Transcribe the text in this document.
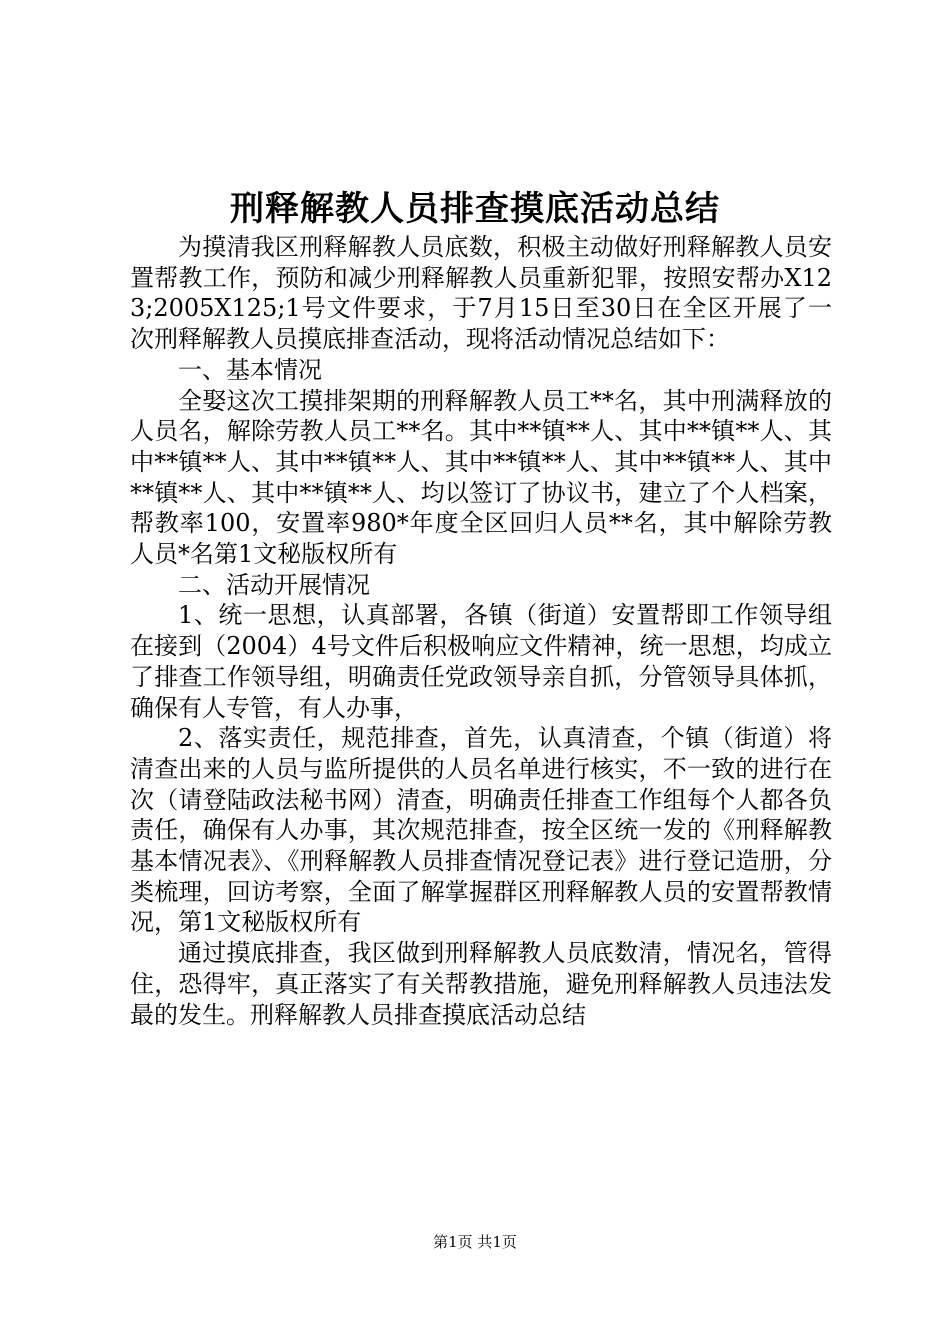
刑释解教人员排查摸底活动总结

为摸清我区刑释解教人员底数，积极主动做好刑释解教人员安置帮教工作，预防和减少刑释解教人员重新犯罪，按照安帮办X123;2005X125;1号文件要求，于7月15日至30日在全区开展了一次刑释解教人员摸底排查活动，现将活动情况总结如下：

一、基本情况

全娶这次工摸排架期的刑释解教人员工**名，其中刑满释放的人员名，解除劳教人员工**名。其中**镇**人、其中**镇**人、其中**镇**人、其中**镇**人、其中**镇**人、其中**镇**人、其中**镇**人、其中**镇**人、均以签订了协议书，建立了个人档案，帮教率100，安置率980*年度全区回归人员**名，其中解除劳教人员*名第1文秘版权所有

二、活动开展情况

1、统一思想，认真部署，各镇（街道）安置帮即工作领导组在接到（2004）4号文件后积极响应文件精神，统一思想，均成立了排查工作领导组，明确责任党政领导亲自抓，分管领导具体抓，确保有人专管，有人办事，

2、落实责任，规范排查，首先，认真清查，个镇（街道）将清查出来的人员与监所提供的人员名单进行核实，不一致的进行在次（请登陆政法秘书网）清查，明确责任排查工作组每个人都各负责任，确保有人办事，其次规范排查，按全区统一发的《刑释解教基本情况表》、《刑释解教人员排查情况登记表》进行登记造册，分类梳理，回访考察，全面了解掌握群区刑释解教人员的安置帮教情况，第1文秘版权所有

通过摸底排查，我区做到刑释解教人员底数清，情况名，管得住，恐得牢，真正落实了有关帮教措施，避免刑释解教人员违法发最的发生。刑释解教人员排查摸底活动总结

第1页 共1页
